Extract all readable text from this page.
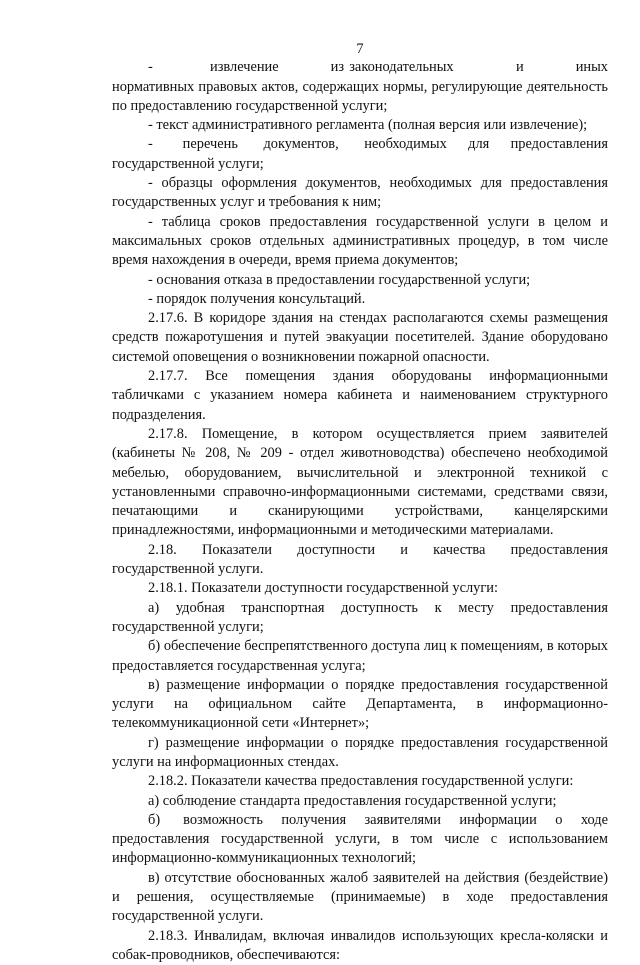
7

-           извлечение          из законодательных            и          иных нормативных правовых актов, содержащих нормы, регулирующие деятельность по предоставлению государственной услуги;

- текст административного регламента (полная версия или извлечение);

-       перечень      документов,      необходимых     для     предоставления государственной услуги;

- образцы оформления документов, необходимых для предоставления государственных услуг и требования к ним;

- таблица сроков предоставления государственной услуги в целом и максимальных сроков отдельных административных процедур, в том числе время нахождения в очереди, время приема документов;

- основания отказа в предоставлении государственной услуги;

- порядок получения консультаций.

2.17.6. В коридоре здания на стендах располагаются схемы размещения средств пожаротушения и путей эвакуации посетителей. Здание оборудовано системой оповещения о возникновении пожарной опасности.

2.17.7. Все помещения здания оборудованы информационными табличками с указанием номера кабинета и наименованием структурного подразделения.

2.17.8. Помещение, в котором осуществляется прием заявителей (кабинеты № 208, № 209 - отдел животноводства) обеспечено необходимой мебелью, оборудованием, вычислительной и электронной техникой с установленными справочно-информационными системами, средствами связи, печатающими и сканирующими устройствами, канцелярскими принадлежностями, информационными и методическими материалами.

2.18.      Показатели      доступности      и      качества      предоставления государственной услуги.

2.18.1. Показатели доступности государственной услуги:

а) удобная транспортная доступность к месту предоставления государственной услуги;

б) обеспечение беспрепятственного доступа лиц к помещениям, в которых предоставляется государственная услуга;

в) размещение информации о порядке предоставления государственной услуги на официальном сайте Департамента, в информационно-телекоммуникационной сети «Интернет»;

г) размещение информации о порядке предоставления государственной услуги на информационных стендах.

2.18.2. Показатели качества предоставления государственной услуги:

а) соблюдение стандарта предоставления государственной услуги;

б)     возможность    получения    заявителями    информации    о    ходе предоставления государственной услуги, в том числе с использованием информационно-коммуникационных технологий;

в) отсутствие обоснованных жалоб заявителей на действия (бездействие) и решения, осуществляемые (принимаемые) в ходе предоставления государственной услуги.

2.18.3. Инвалидам, включая инвалидов использующих кресла-коляски и собак-проводников, обеспечиваются:
